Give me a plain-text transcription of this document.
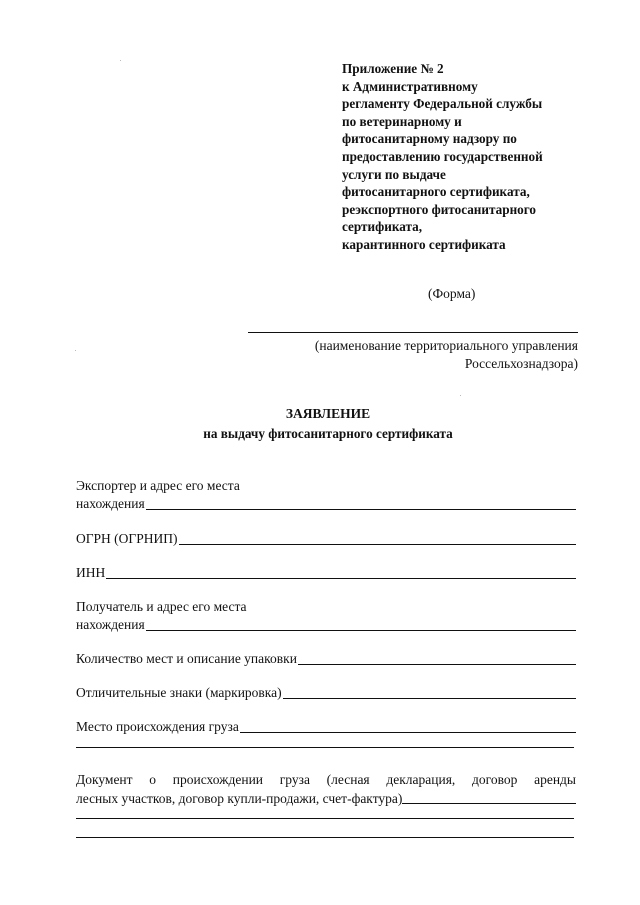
Приложение № 2
к Административному
регламенту Федеральной службы
по ветеринарному и
фитосанитарному надзору по
предоставлению государственной
услуги по выдаче
фитосанитарного сертификата,
реэкспортного фитосанитарного
сертификата,
карантинного сертификата
(Форма)
(наименование территориального управления
Россельхознадзора)
ЗАЯВЛЕНИЕ
на выдачу фитосанитарного сертификата
Экспортер и адрес его места
нахождения
ОГРН (ОГРНИП)
ИНН
Получатель и адрес его места
нахождения
Количество мест и описание упаковки
Отличительные знаки (маркировка)
Место происхождения груза
Документ о происхождении груза (лесная декларация, договор аренды
лесных участков, договор купли-продажи, счет-фактура)
